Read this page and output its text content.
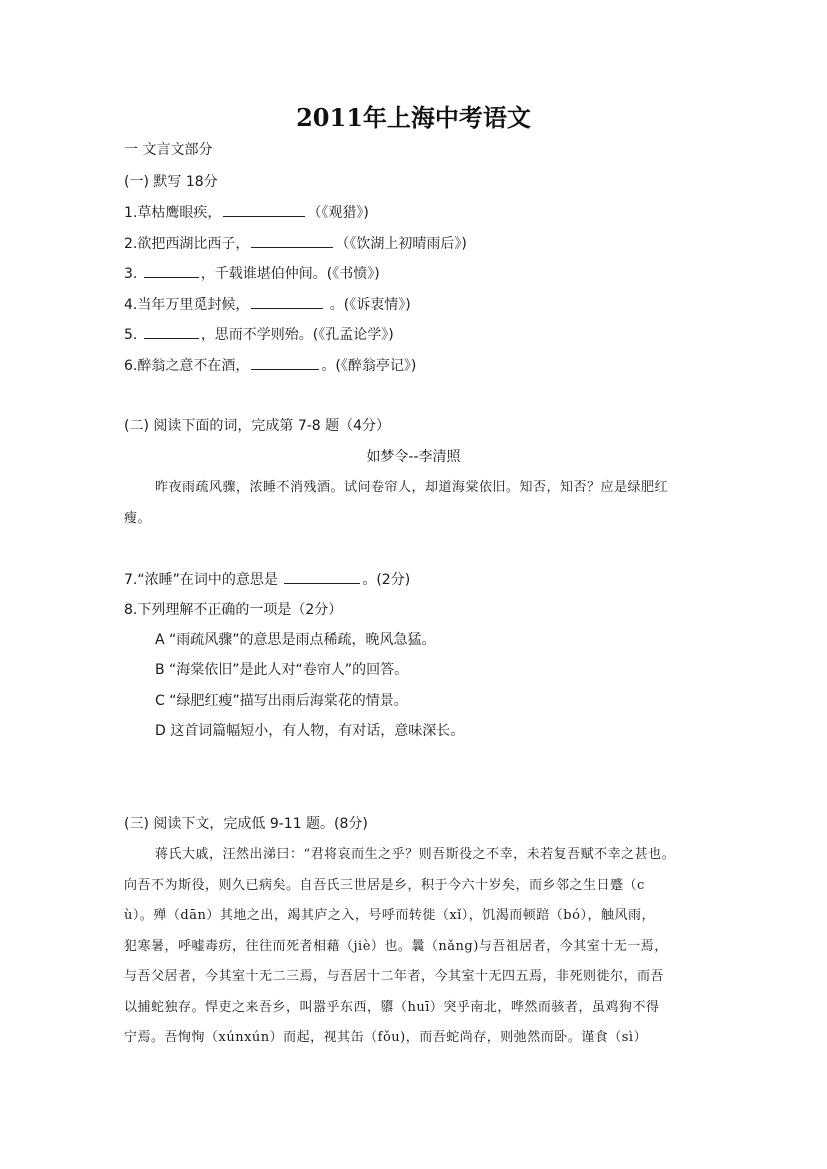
2011年上海中考语文
一 文言文部分
(一) 默写 18分
1.草枯鹰眼疾，	（《观猎》)
2.欲把西湖比西子，	（《饮湖上初晴雨后》)
3.	，千载谁堪伯仲间。(《书愤》)
4.当年万里觅封候，	。(《诉衷情》)
5.	，思而不学则殆。(《孔孟论学》)
6.醉翁之意不在酒，	。(《醉翁亭记》)
(二) 阅读下面的词，完成第 7-8 题（4分）
如梦令--李清照
昨夜雨疏风骤，浓睡不消残酒。试问卷帘人，却道海棠依旧。知否，知否？应是绿肥红
瘦。
7.“浓睡”在词中的意思是	。(2分)
8.下列理解不正确的一项是（2分）
A “雨疏风骤”的意思是雨点稀疏，晚风急猛。
B “海棠依旧”是此人对“卷帘人”的回答。
C “绿肥红瘦”描写出雨后海棠花的情景。
D 这首词篇幅短小，有人物，有对话，意味深长。
(三) 阅读下文，完成低 9-11 题。(8分)
蒋氏大戚，汪然出涕曰：“君将哀而生之乎？则吾斯役之不幸，未若复吾赋不幸之甚也。
向吾不为斯役，则久已病矣。自吾氏三世居是乡，积于今六十岁矣，而乡邻之生日蹙（c
ù）。殚（dān）其地之出，竭其庐之入，号呼而转徙（xǐ），饥渴而顿踣（bó），触风雨，
犯寒暑，呼嘘毒疠，往往而死者相藉（jiè）也。曩（nǎng)与吾祖居者，今其室十无一焉，
与吾父居者，今其室十无二三焉，与吾居十二年者，今其室十无四五焉，非死则徙尔，而吾
以捕蛇独存。悍吏之来吾乡，叫嚣乎东西，隳（huī）突乎南北，哗然而骇者，虽鸡狗不得
宁焉。吾恂恂（xúnxún）而起，视其缶（fǒu)，而吾蛇尚存，则弛然而卧。谨食（sì）
